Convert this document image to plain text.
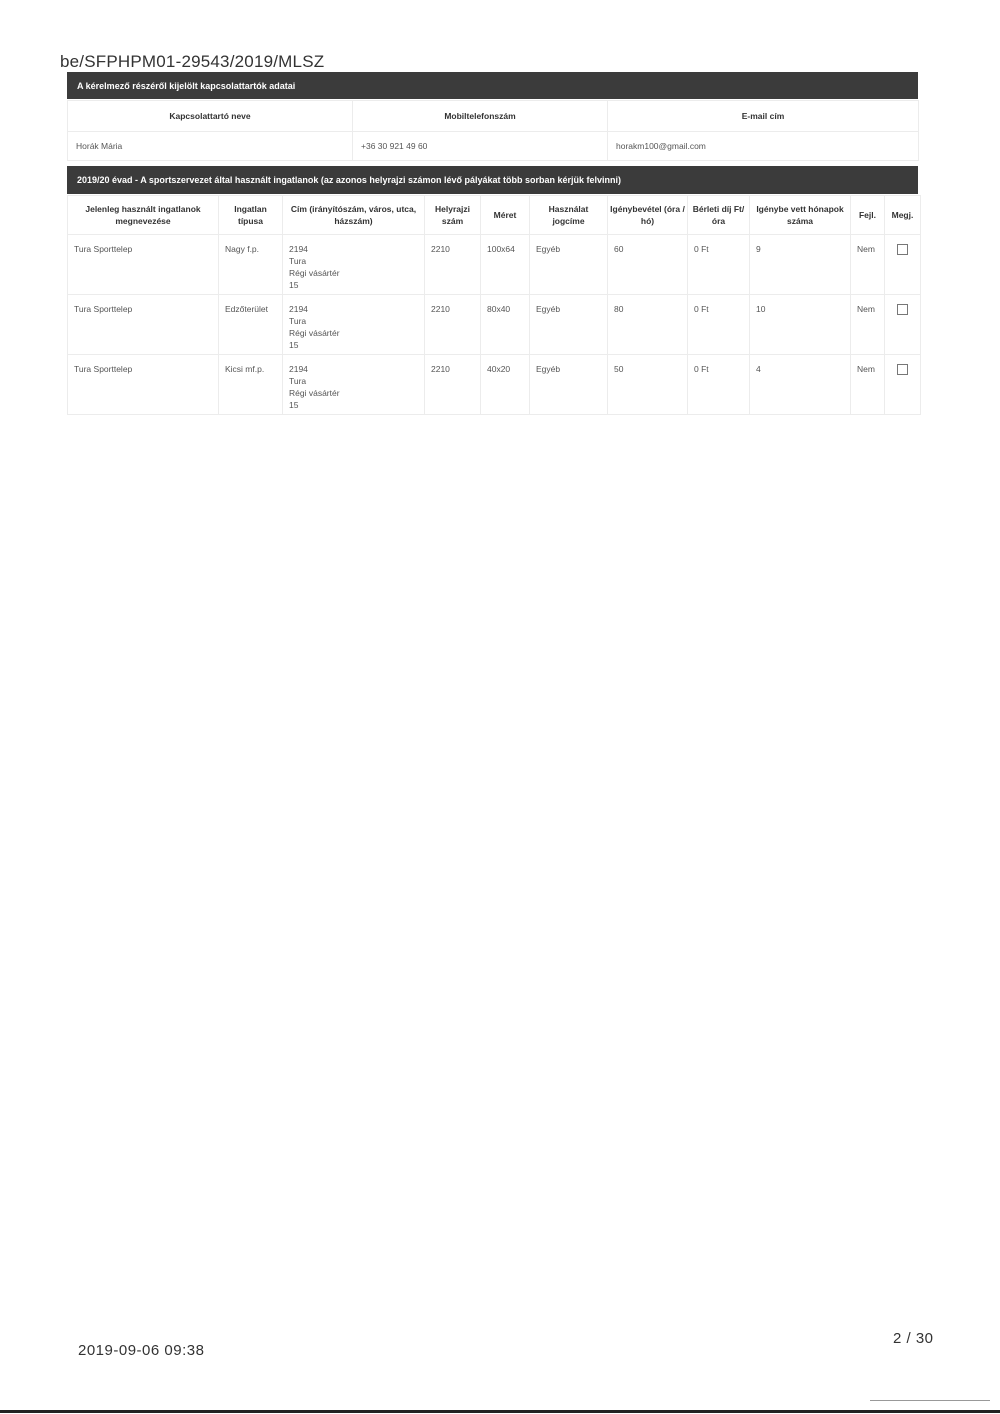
be/SFPHPM01-29543/2019/MLSZ
A kérelmező részéről kijelölt kapcsolattartók adatai
Kapcsolattartó neve	Mobiltelefonszám	E-mail cím
Horák Mária	+36 30 921 49 60	horakm100@gmail.com
2019/20 évad - A sportszervezet által használt ingatlanok (az azonos helyrajzi számon lévő pályákat több sorban kérjük felvinni)
Jelenleg használt ingatlanok megnevezése	Ingatlan típusa	Cím (irányítószám, város, utca, házszám)	Helyrajzi szám	Méret	Használat jogcíme	Igénybevétel (óra / hó)	Bérleti díj Ft/óra	Igénybe vett hónapok száma	Fejl.	Megj.
Tura Sporttelep	Nagy f.p.	2194
Tura
Régi vásártér
15	2210	100x64	Egyéb	60	0 Ft	9	Nem	
Tura Sporttelep	Edzőterület	2194
Tura
Régi vásártér
15	2210	80x40	Egyéb	80	0 Ft	10	Nem	
Tura Sporttelep	Kicsi mf.p.	2194
Tura
Régi vásártér
15	2210	40x20	Egyéb	50	0 Ft	4	Nem	
2019-09-06 09:38
2 / 30
